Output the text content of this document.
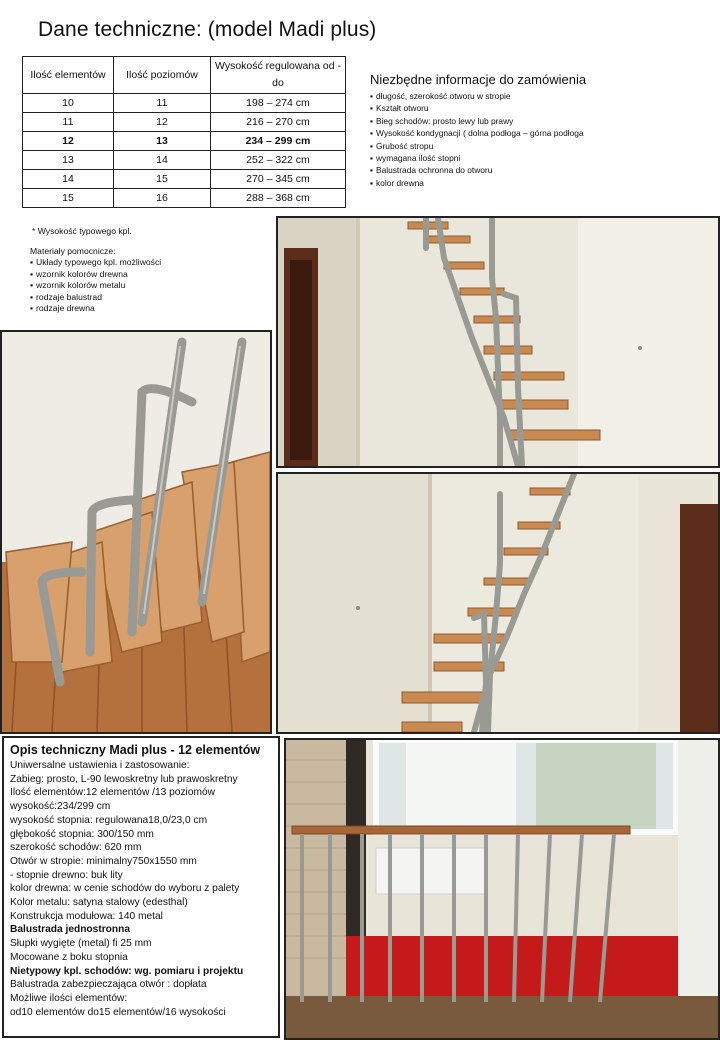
Dane techniczne: (model Madi plus)
Ilość elementów	Ilość poziomów	Wysokość regulowana od - do
10	11	198 – 274 cm
11	12	216 – 270 cm
12	13	234 – 299 cm
13	14	252 – 322 cm
14	15	270 – 345 cm
15	16	288 – 368 cm
Niezbędne informacje do zamówienia
▪ długość, szerokość otworu w stropie
▪ Kształt otworu
▪ Bieg schodów: prosto lewy lub prawy
▪ Wysokość kondygnacji ( dolna podłoga – górna podłoga
▪ Grubość stropu
▪ wymagana ilość stopni
▪ Balustrada ochronna do otworu
▪ kolor drewna
* Wysokość typowego kpl.
Materiały pomocnicze:
▪ Układy typowego kpl. możliwości
▪ wzornik kolorów drewna
▪ wzornik kolorów metalu
▪ rodzaje balustrad
▪ rodzaje drewna
Opis techniczny Madi plus - 12 elementów
Uniwersalne ustawienia i zastosowanie:
Zabieg: prosto, L-90 lewoskretny lub prawoskretny
Ilość elementów:12 elementów /13 poziomów
wysokość:234/299 cm
wysokość stopnia: regulowana18,0/23,0 cm
głębokość stopnia: 300/150 mm
szerokość schodów: 620 mm
Otwór w stropie: minimalny750x1550 mm
- stopnie drewno: buk lity
kolor drewna: w cenie schodów do wyboru z palety
Kolor metalu: satyna stalowy (edesthal)
Konstrukcja modułowa: 140 metal
Balustrada jednostronna
Słupki wygięte (metal) fi 25 mm
Mocowane z boku stopnia
Nietypowy kpl. schodów: wg. pomiaru i projektu
Balustrada zabezpieczająca otwór : dopłata
Możliwe ilości elementów:
od10 elementów do15 elementów/16 wysokości
